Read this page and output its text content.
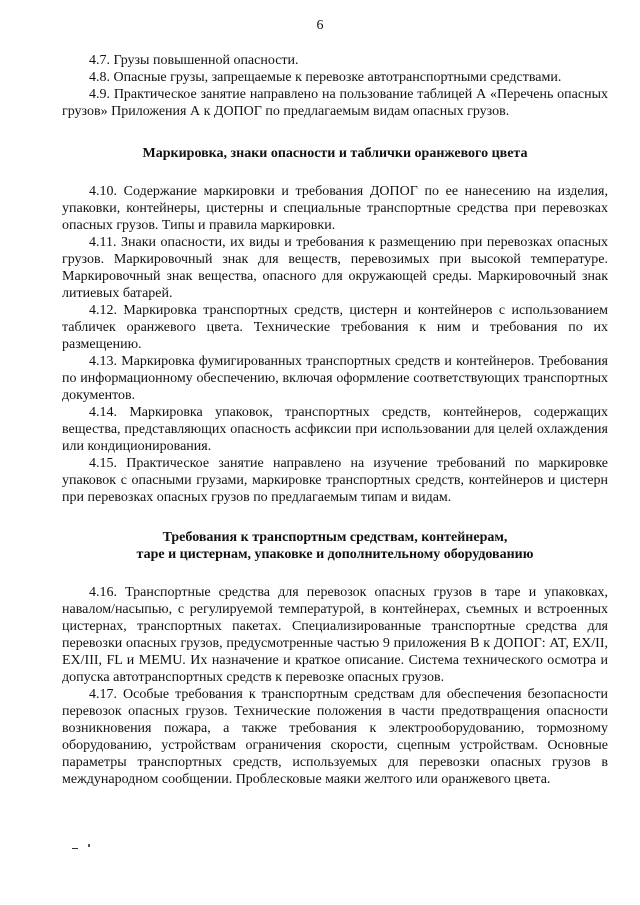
6

4.7. Грузы повышенной опасности.

4.8. Опасные грузы, запрещаемые к перевозке автотранспортными средствами.

4.9. Практическое занятие направлено на пользование таблицей А «Перечень опасных грузов» Приложения А к ДОПОГ по предлагаемым видам опасных грузов.

Маркировка, знаки опасности и таблички оранжевого цвета

4.10. Содержание маркировки и требования ДОПОГ по ее нанесению на изделия, упаковки, контейнеры, цистерны и специальные транспортные средства при перевозках опасных грузов. Типы и правила маркировки.

4.11. Знаки опасности, их виды и требования к размещению при перевозках опасных грузов. Маркировочный знак для веществ, перевозимых при высокой температуре. Маркировочный знак вещества, опасного для окружающей среды. Маркировочный знак литиевых батарей.

4.12. Маркировка транспортных средств, цистерн и контейнеров с использованием табличек оранжевого цвета. Технические требования к ним и требования по их размещению.

4.13. Маркировка фумигированных транспортных средств и контейнеров. Требования по информационному обеспечению, включая оформление соответствующих транспортных документов.

4.14. Маркировка упаковок, транспортных средств, контейнеров, содержащих вещества, представляющих опасность асфиксии при использовании для целей охлаждения или кондиционирования.

4.15. Практическое занятие направлено на изучение требований по маркировке упаковок с опасными грузами, маркировке транспортных средств, контейнеров и цистерн при перевозках опасных грузов по предлагаемым типам и видам.

Требования к транспортным средствам, контейнерам,
таре и цистернам, упаковке и дополнительному оборудованию

4.16. Транспортные средства для перевозок опасных грузов в таре и упаковках, навалом/насыпью, с регулируемой температурой, в контейнерах, съемных и встроенных цистернах, транспортных пакетах. Специализированные транспортные средства для перевозки опасных грузов, предусмотренные частью 9 приложения В к ДОПОГ: AT, EX/II, EX/III, FL и MEMU. Их назначение и краткое описание. Система технического осмотра и допуска автотранспортных средств к перевозке опасных грузов.

4.17. Особые требования к транспортным средствам для обеспечения безопасности перевозок опасных грузов. Технические положения в части предотвращения опасности возникновения пожара, а также требования к электрооборудованию, тормозному оборудованию, устройствам ограничения скорости, сцепным устройствам. Основные параметры транспортных средств, используемых для перевозки опасных грузов в международном сообщении. Проблесковые маяки желтого или оранжевого цвета.
